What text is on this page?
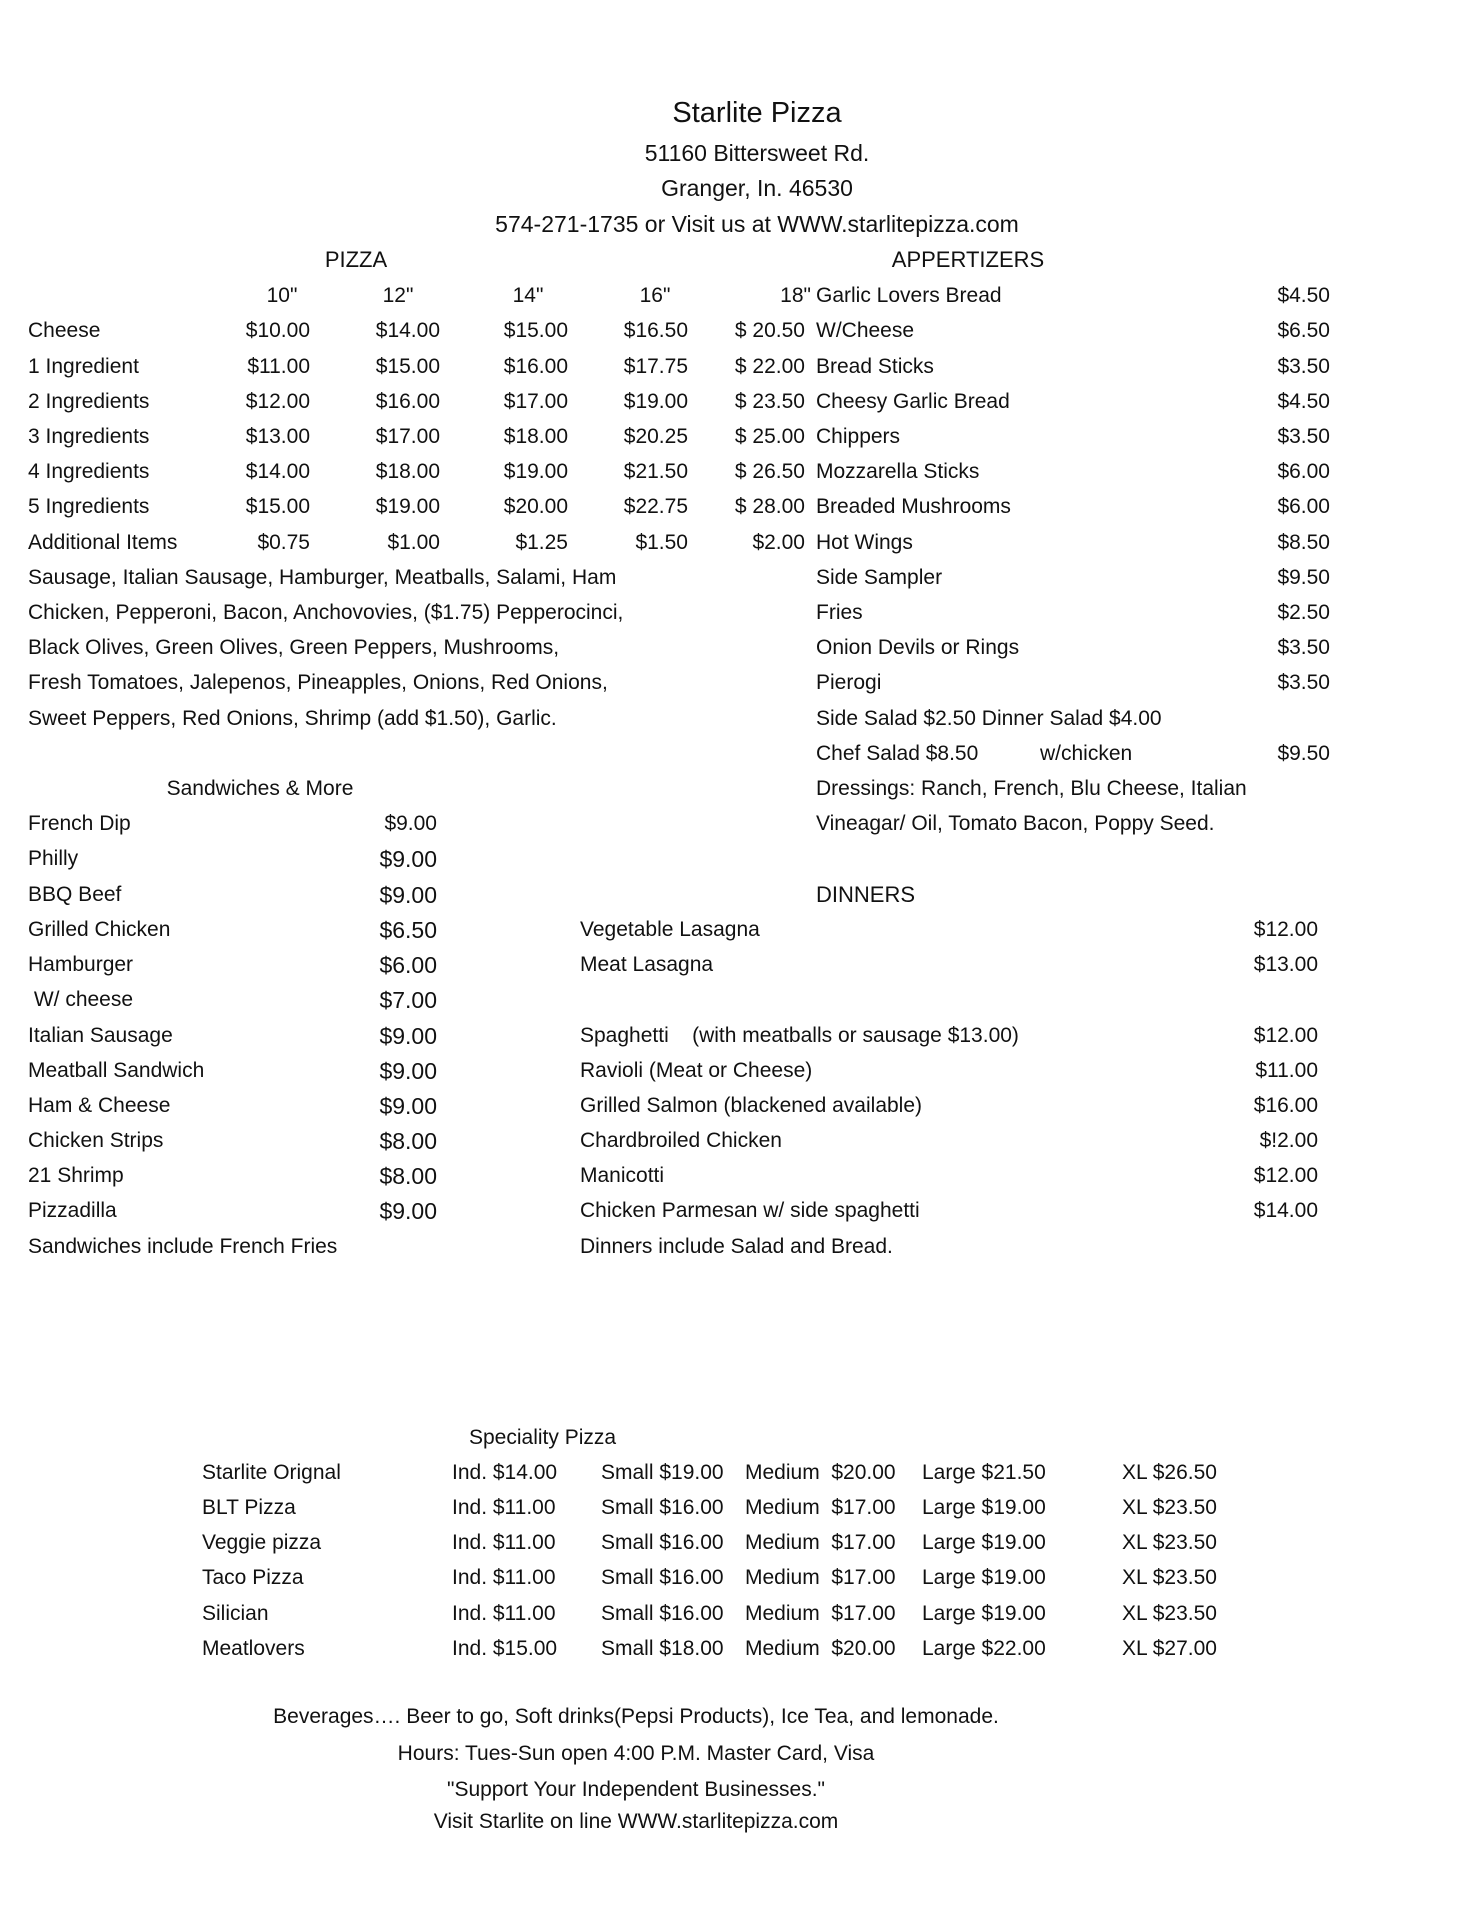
Starlite Pizza
51160 Bittersweet Rd.
Granger, In. 46530
574-271-1735 or Visit us at WWW.starlitepizza.com
PIZZA
10"	12"	14"	16"	18"
Cheese	$10.00	$14.00	$15.00	$16.50	$ 20.50
1 Ingredient	$11.00	$15.00	$16.00	$17.75	$ 22.00
2 Ingredients	$12.00	$16.00	$17.00	$19.00	$ 23.50
3 Ingredients	$13.00	$17.00	$18.00	$20.25	$ 25.00
4 Ingredients	$14.00	$18.00	$19.00	$21.50	$ 26.50
5 Ingredients	$15.00	$19.00	$20.00	$22.75	$ 28.00
Additional Items	$0.75	$1.00	$1.25	$1.50	$2.00
Sausage, Italian Sausage, Hamburger, Meatballs, Salami, Ham
Chicken, Pepperoni, Bacon, Anchovovies, ($1.75) Pepperocinci,
Black Olives, Green Olives, Green Peppers, Mushrooms,
Fresh Tomatoes, Jalepenos, Pineapples, Onions, Red Onions,
Sweet Peppers, Red Onions, Shrimp (add $1.50), Garlic.
APPERTIZERS
Garlic Lovers Bread	$4.50
W/Cheese	$6.50
Bread Sticks	$3.50
Cheesy Garlic Bread	$4.50
Chippers	$3.50
Mozzarella Sticks	$6.00
Breaded Mushrooms	$6.00
Hot Wings	$8.50
Side Sampler	$9.50
Fries	$2.50
Onion Devils or Rings	$3.50
Pierogi	$3.50
Side Salad $2.50 Dinner Salad $4.00
Chef Salad $8.50	w/chicken	$9.50
Dressings: Ranch, French, Blu Cheese, Italian
Vineagar/ Oil, Tomato Bacon, Poppy Seed.
Sandwiches & More
French Dip	$9.00
Philly	$9.00
BBQ Beef	$9.00
Grilled Chicken	$6.50
Hamburger	$6.00
W/ cheese	$7.00
Italian Sausage	$9.00
Meatball Sandwich	$9.00
Ham & Cheese	$9.00
Chicken Strips	$8.00
21 Shrimp	$8.00
Pizzadilla	$9.00
Sandwiches include French Fries
DINNERS
Vegetable Lasagna	$12.00
Meat Lasagna	$13.00
Spaghetti    (with meatballs or sausage $13.00)	$12.00
Ravioli (Meat or Cheese)	$11.00
Grilled Salmon (blackened available)	$16.00
Chardbroiled Chicken	$!2.00
Manicotti	$12.00
Chicken Parmesan w/ side spaghetti	$14.00
Dinners include Salad and Bread.
Speciality Pizza
Starlite Orignal	Ind. $14.00 Small $19.00 Medium  $20.00 Large $21.50	XL $26.50
BLT Pizza	Ind. $11.00 Small $16.00 Medium  $17.00 Large $19.00	XL $23.50
Veggie pizza	Ind. $11.00 Small $16.00 Medium  $17.00 Large $19.00	XL $23.50
Taco Pizza	Ind. $11.00 Small $16.00 Medium  $17.00 Large $19.00	XL $23.50
Silician	Ind. $11.00 Small $16.00 Medium  $17.00 Large $19.00	XL $23.50
Meatlovers	Ind. $15.00 Small $18.00 Medium  $20.00 Large $22.00	XL $27.00
Beverages…. Beer to go, Soft drinks(Pepsi Products), Ice Tea, and lemonade.
Hours: Tues-Sun open 4:00 P.M. Master Card, Visa
"Support Your Independent Businesses."
Visit Starlite on line WWW.starlitepizza.com
